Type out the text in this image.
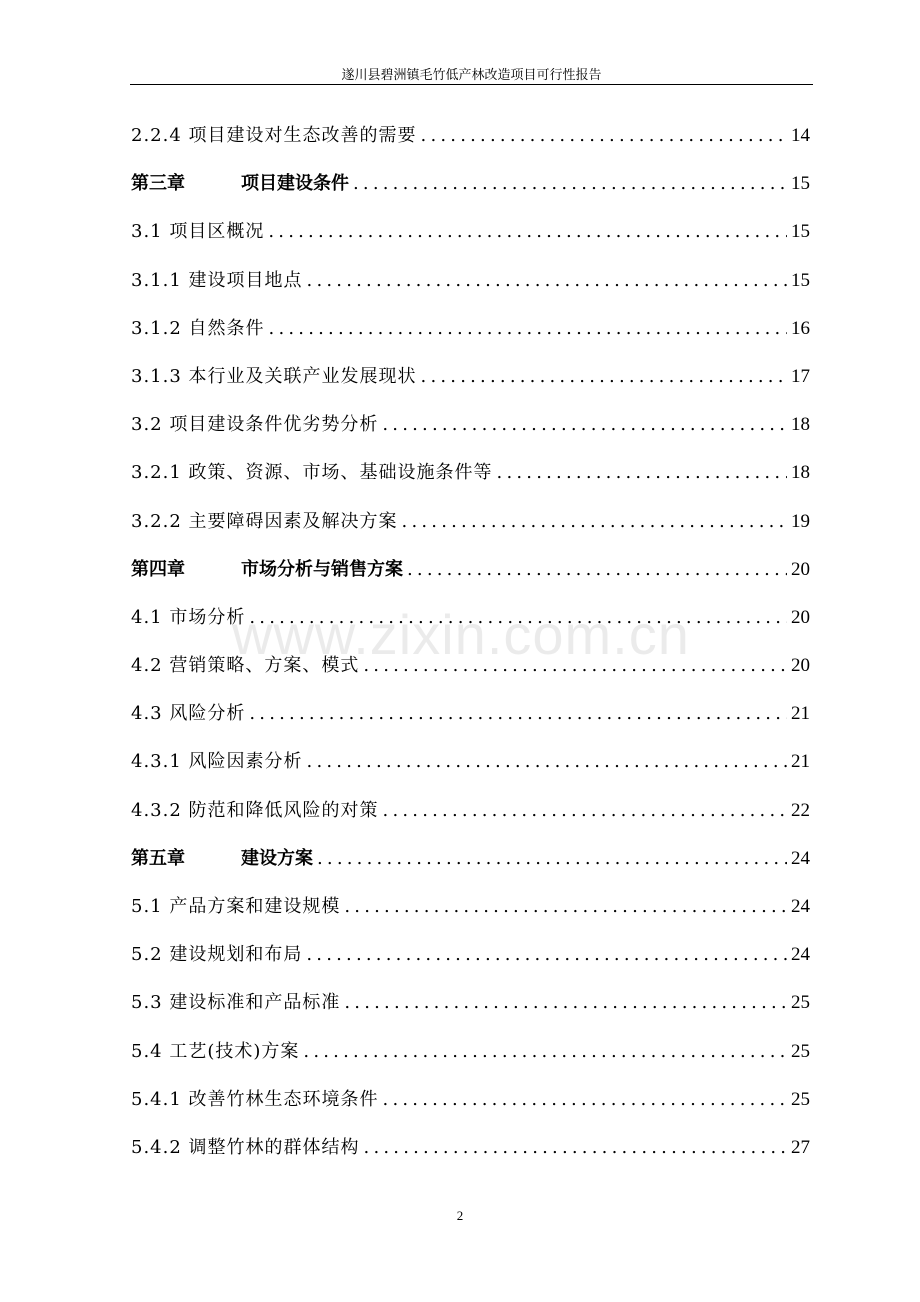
遂川县碧洲镇毛竹低产林改造项目可行性报告
2.2.4 项目建设对生态改善的需要 .....	14
第三章	项目建设条件 .....	15
3.1 项目区概况 .....	15
3.1.1 建设项目地点 .....	15
3.1.2 自然条件 .....	16
3.1.3 本行业及关联产业发展现状 .....	17
3.2 项目建设条件优劣势分析 .....	18
3.2.1 政策、资源、市场、基础设施条件等 .....	18
3.2.2 主要障碍因素及解决方案 .....	19
第四章	市场分析与销售方案 .....	20
4.1 市场分析 .....	20
4.2 营销策略、方案、模式 .....	20
4.3 风险分析 .....	21
4.3.1 风险因素分析 .....	21
4.3.2 防范和降低风险的对策 .....	22
第五章	建设方案 .....	24
5.1 产品方案和建设规模 .....	24
5.2 建设规划和布局 .....	24
5.3 建设标准和产品标准 .....	25
5.4 工艺(技术)方案 .....	25
5.4.1 改善竹林生态环境条件 .....	25
5.4.2 调整竹林的群体结构 .....	27
www.zixin.com.cn
2
